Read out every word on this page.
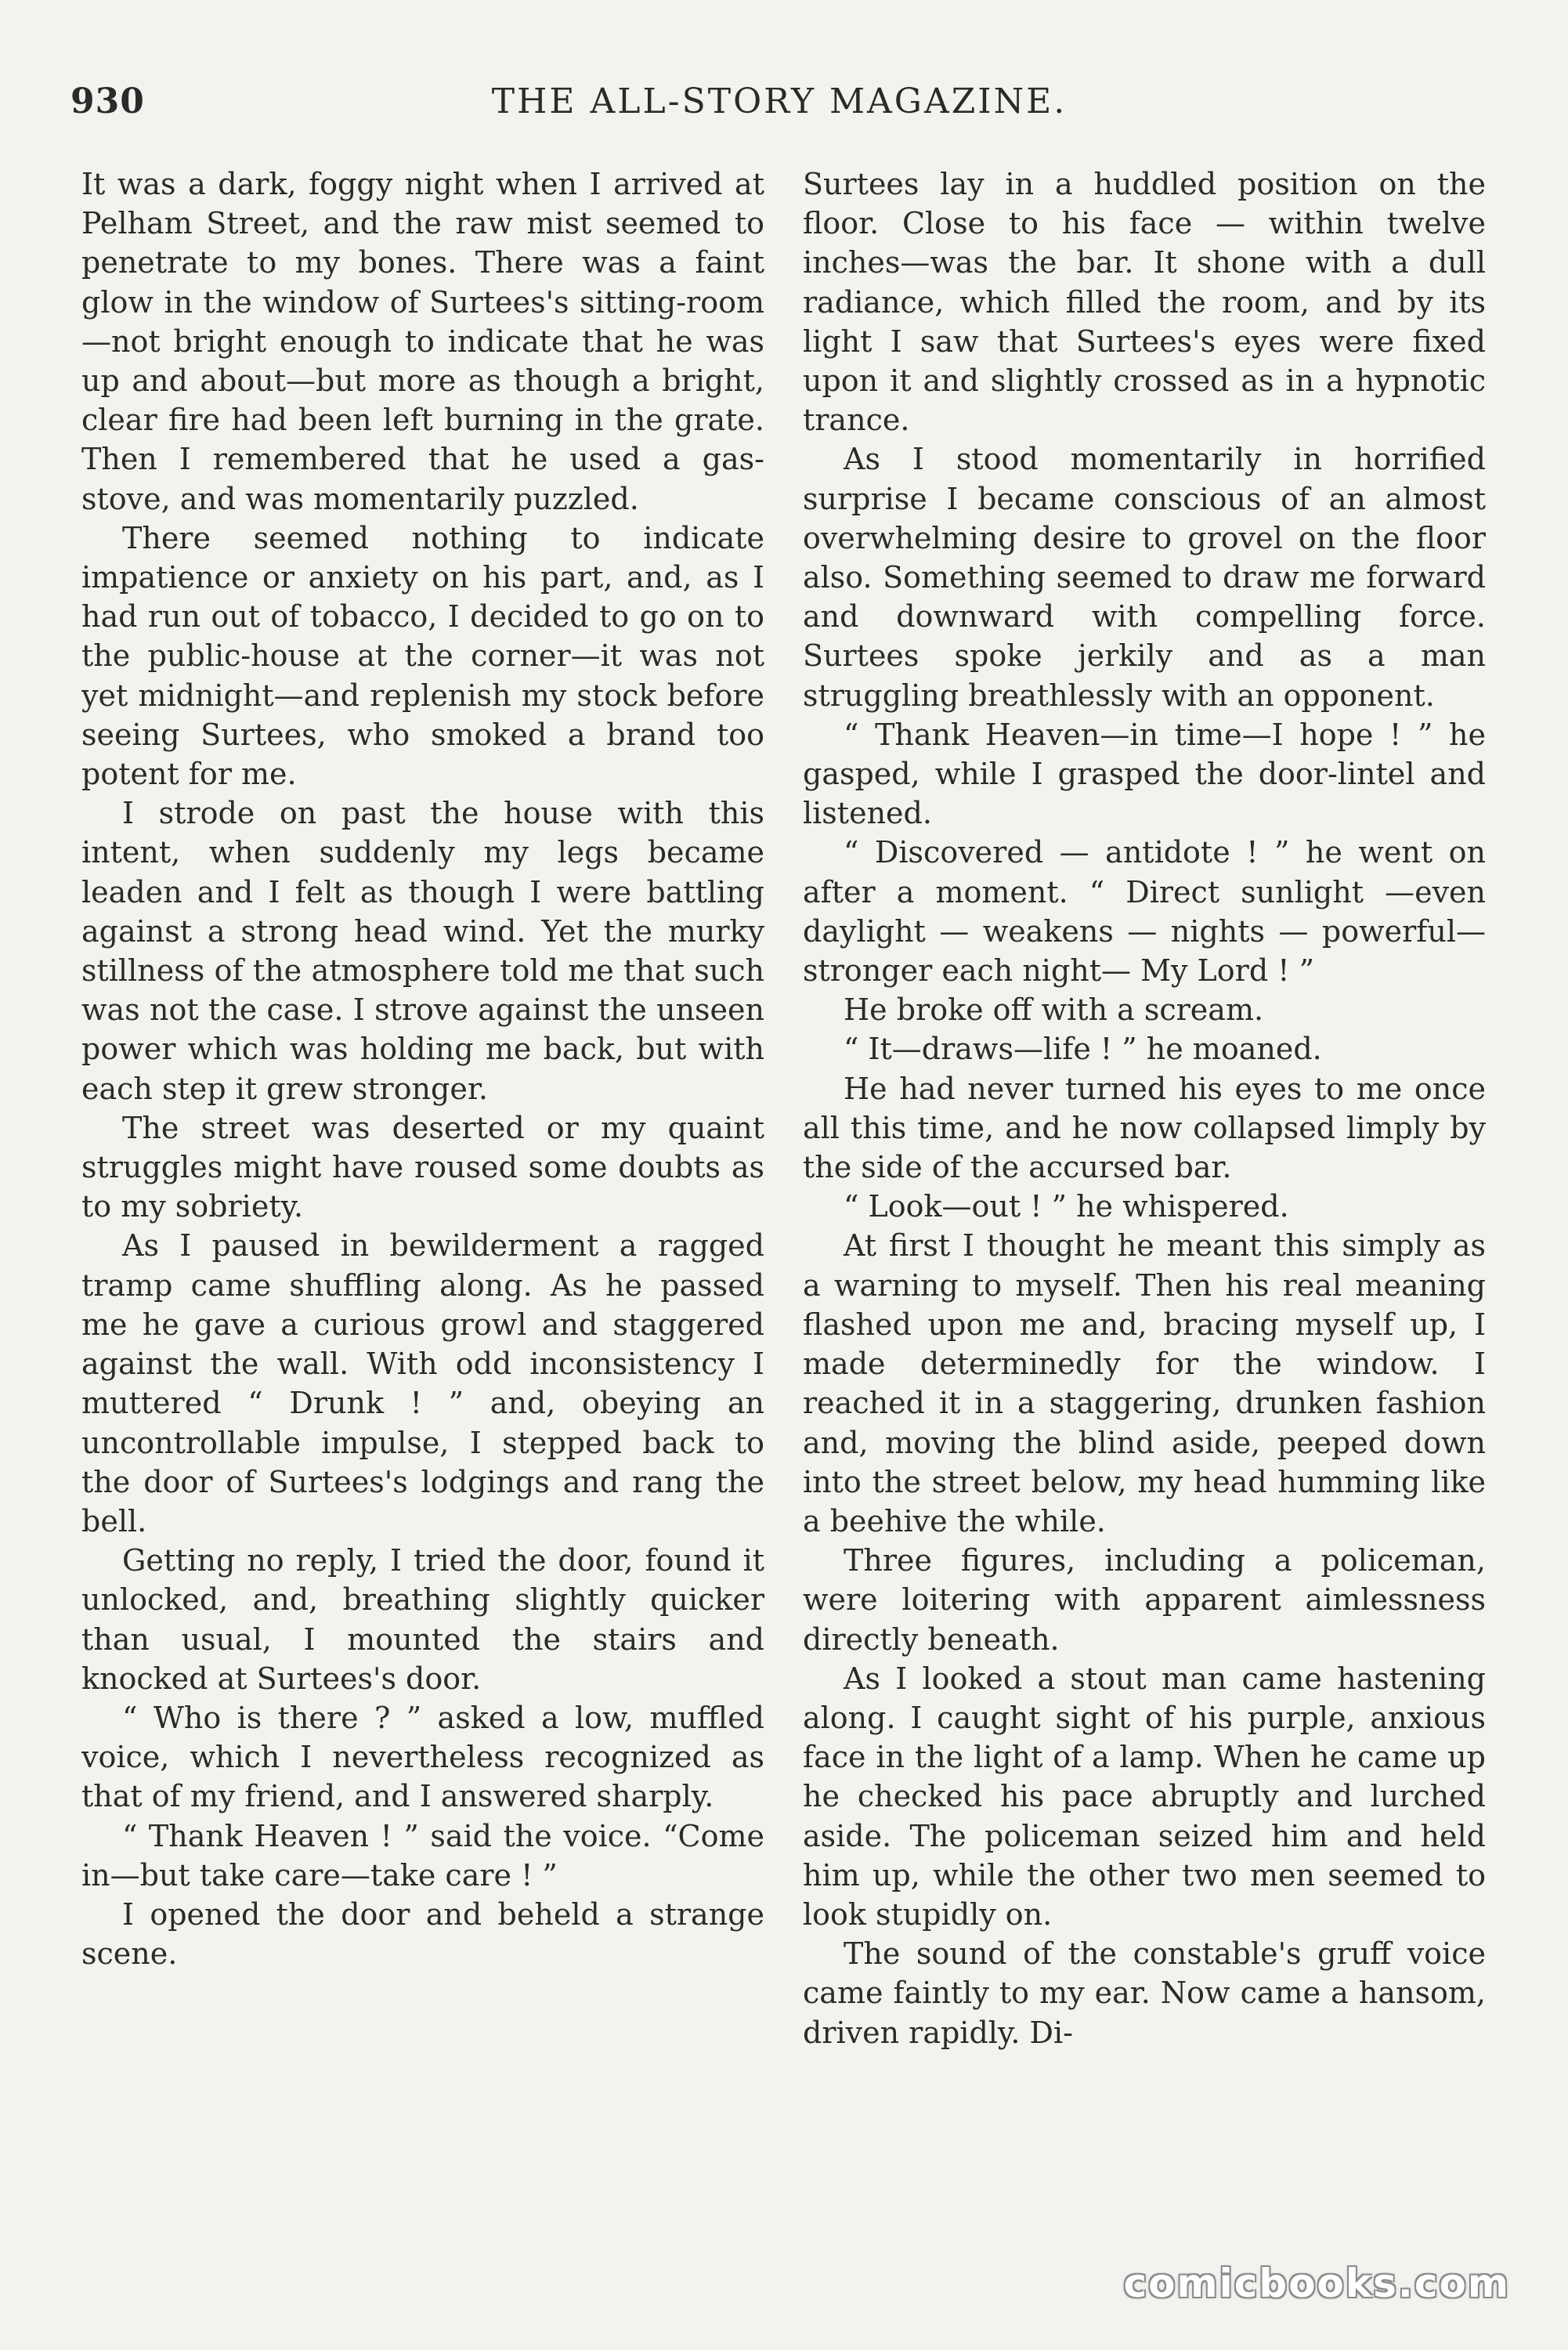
930	THE ALL-STORY MAGAZINE.

It was a dark, foggy night when I arrived at Pelham Street, and the raw mist seemed to penetrate to my bones. There was a faint glow in the window of Surtees's sitting-room—not bright enough to indicate that he was up and about—but more as though a bright, clear fire had been left burning in the grate. Then I remembered that he used a gas-stove, and was momentarily puzzled.

There seemed nothing to indicate impatience or anxiety on his part, and, as I had run out of tobacco, I decided to go on to the public-house at the corner—it was not yet midnight—and replenish my stock before seeing Surtees, who smoked a brand too potent for me.

I strode on past the house with this intent, when suddenly my legs became leaden and I felt as though I were battling against a strong head wind. Yet the murky stillness of the atmosphere told me that such was not the case. I strove against the unseen power which was holding me back, but with each step it grew stronger.

The street was deserted or my quaint struggles might have roused some doubts as to my sobriety.

As I paused in bewilderment a ragged tramp came shuffling along. As he passed me he gave a curious growl and staggered against the wall. With odd inconsistency I muttered “ Drunk ! ” and, obeying an uncontrollable impulse, I stepped back to the door of Surtees's lodgings and rang the bell.

Getting no reply, I tried the door, found it unlocked, and, breathing slightly quicker than usual, I mounted the stairs and knocked at Surtees's door.

“ Who is there ? ” asked a low, muffled voice, which I nevertheless recognized as that of my friend, and I answered sharply.

“ Thank Heaven ! ” said the voice. “Come in—but take care—take care ! ”

I opened the door and beheld a strange scene.

Surtees lay in a huddled position on the floor. Close to his face — within twelve inches—was the bar. It shone with a dull radiance, which filled the room, and by its light I saw that Surtees's eyes were fixed upon it and slightly crossed as in a hypnotic trance.

As I stood momentarily in horrified surprise I became conscious of an almost overwhelming desire to grovel on the floor also. Something seemed to draw me forward and downward with compelling force. Surtees spoke jerkily and as a man struggling breathlessly with an opponent.

“ Thank Heaven—in time—I hope ! ” he gasped, while I grasped the door-lintel and listened.

“ Discovered — antidote ! ” he went on after a moment. “ Direct sunlight —even daylight — weakens — nights — powerful—stronger each night— My Lord ! ”

He broke off with a scream.

“ It—draws—life ! ” he moaned.

He had never turned his eyes to me once all this time, and he now collapsed limply by the side of the accursed bar.

“ Look—out ! ” he whispered.

At first I thought he meant this simply as a warning to myself. Then his real meaning flashed upon me and, bracing myself up, I made determinedly for the window. I reached it in a staggering, drunken fashion and, moving the blind aside, peeped down into the street below, my head humming like a beehive the while.

Three figures, including a policeman, were loitering with apparent aimlessness directly beneath.

As I looked a stout man came hastening along. I caught sight of his purple, anxious face in the light of a lamp. When he came up he checked his pace abruptly and lurched aside. The policeman seized him and held him up, while the other two men seemed to look stupidly on.

The sound of the constable's gruff voice came faintly to my ear. Now came a hansom, driven rapidly. Di-

comicbooks.com
